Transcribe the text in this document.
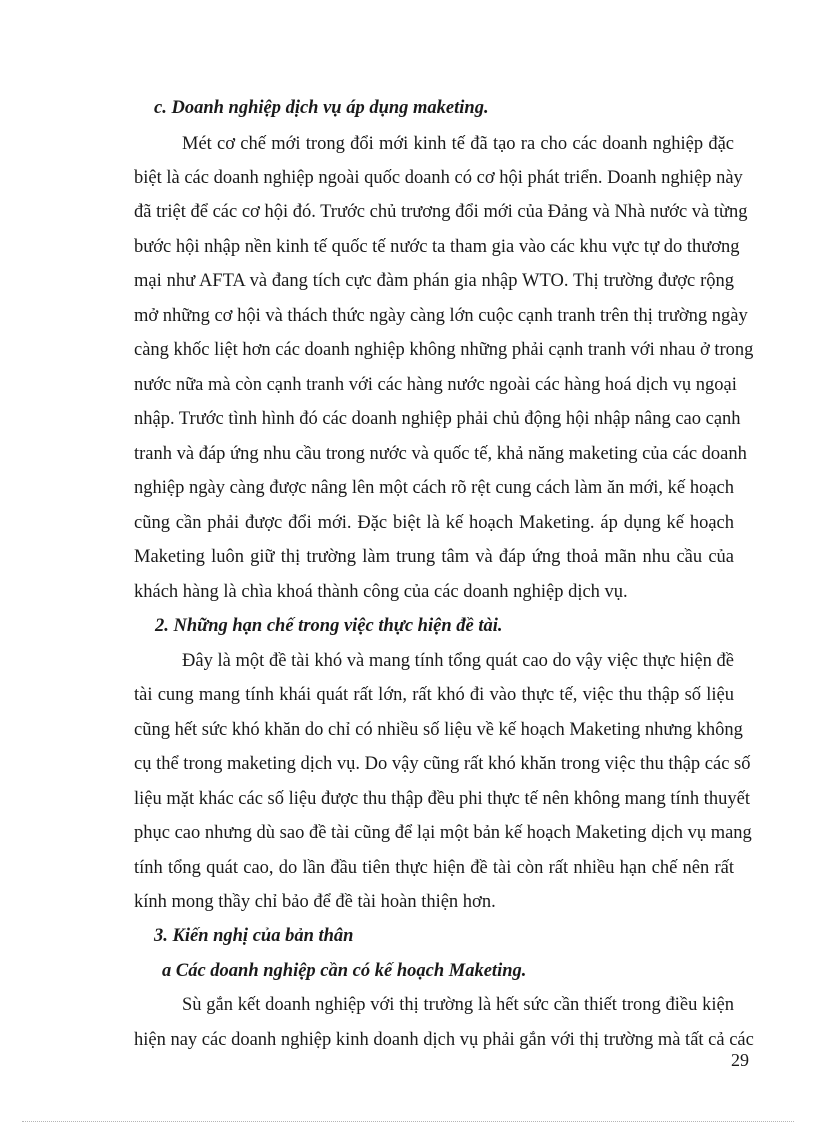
c. Doanh nghiệp dịch vụ áp dụng maketing.
Mét cơ chế mới trong đổi mới kinh tế đã tạo ra cho các doanh nghiệp đặc
biệt là các doanh nghiệp ngoài quốc doanh có cơ hội phát triển. Doanh nghiệp này
đã triệt để các cơ hội đó. Trước chủ trương đổi mới của Đảng và Nhà nước và từng
bước hội nhập nền kinh tế quốc tế nước ta tham gia vào các khu vực tự do thương
mại như AFTA và đang tích cực đàm phán gia nhập WTO. Thị trường được rộng
mở những cơ hội và thách thức ngày càng lớn cuộc cạnh tranh trên thị trường ngày
càng khốc liệt hơn các doanh nghiệp không những phải cạnh tranh với nhau ở trong
nước nữa mà còn cạnh tranh với các hàng nước ngoài các hàng hoá dịch vụ ngoại
nhập. Trước tình hình đó các doanh nghiệp phải chủ động hội nhập nâng cao cạnh
tranh và đáp ứng nhu cầu trong nước và quốc tế, khả năng maketing của các doanh
nghiệp ngày càng được nâng lên một cách rõ rệt cung cách làm ăn mới, kế hoạch
cũng cần phải được đổi mới. Đặc biệt là kế hoạch Maketing. áp dụng kế hoạch
Maketing luôn giữ thị trường làm trung tâm và đáp ứng thoả mãn nhu cầu của
khách hàng là chìa khoá thành công của các doanh nghiệp dịch vụ.
2. Những hạn chế trong việc thực hiện đề tài.
Đây là một đề tài khó và mang tính tổng quát cao do vậy việc thực hiện đề
tài cung mang tính khái quát rất lớn, rất khó đi vào thực tế, việc thu thập số liệu
cũng hết sức khó khăn do chỉ có nhiều số liệu về kế hoạch Maketing nhưng không
cụ thể trong maketing dịch vụ. Do vậy cũng rất khó khăn trong việc thu thập các số
liệu mặt khác các số liệu được thu thập đều phi thực tế nên không mang tính thuyết
phục cao nhưng dù sao đề tài cũng để lại một bản kế hoạch Maketing dịch vụ mang
tính tổng quát cao, do lần đầu tiên thực hiện đề tài còn rất nhiều hạn chế nên rất
kính mong thầy chỉ bảo để đề tài hoàn thiện hơn.
3. Kiến nghị của bản thân
a Các doanh nghiệp cần có kế hoạch Maketing.
Sù gắn kết doanh nghiệp với thị trường là hết sức cần thiết trong điều kiện
hiện nay các doanh nghiệp kinh doanh dịch vụ phải gắn với thị trường mà tất cả các
29
